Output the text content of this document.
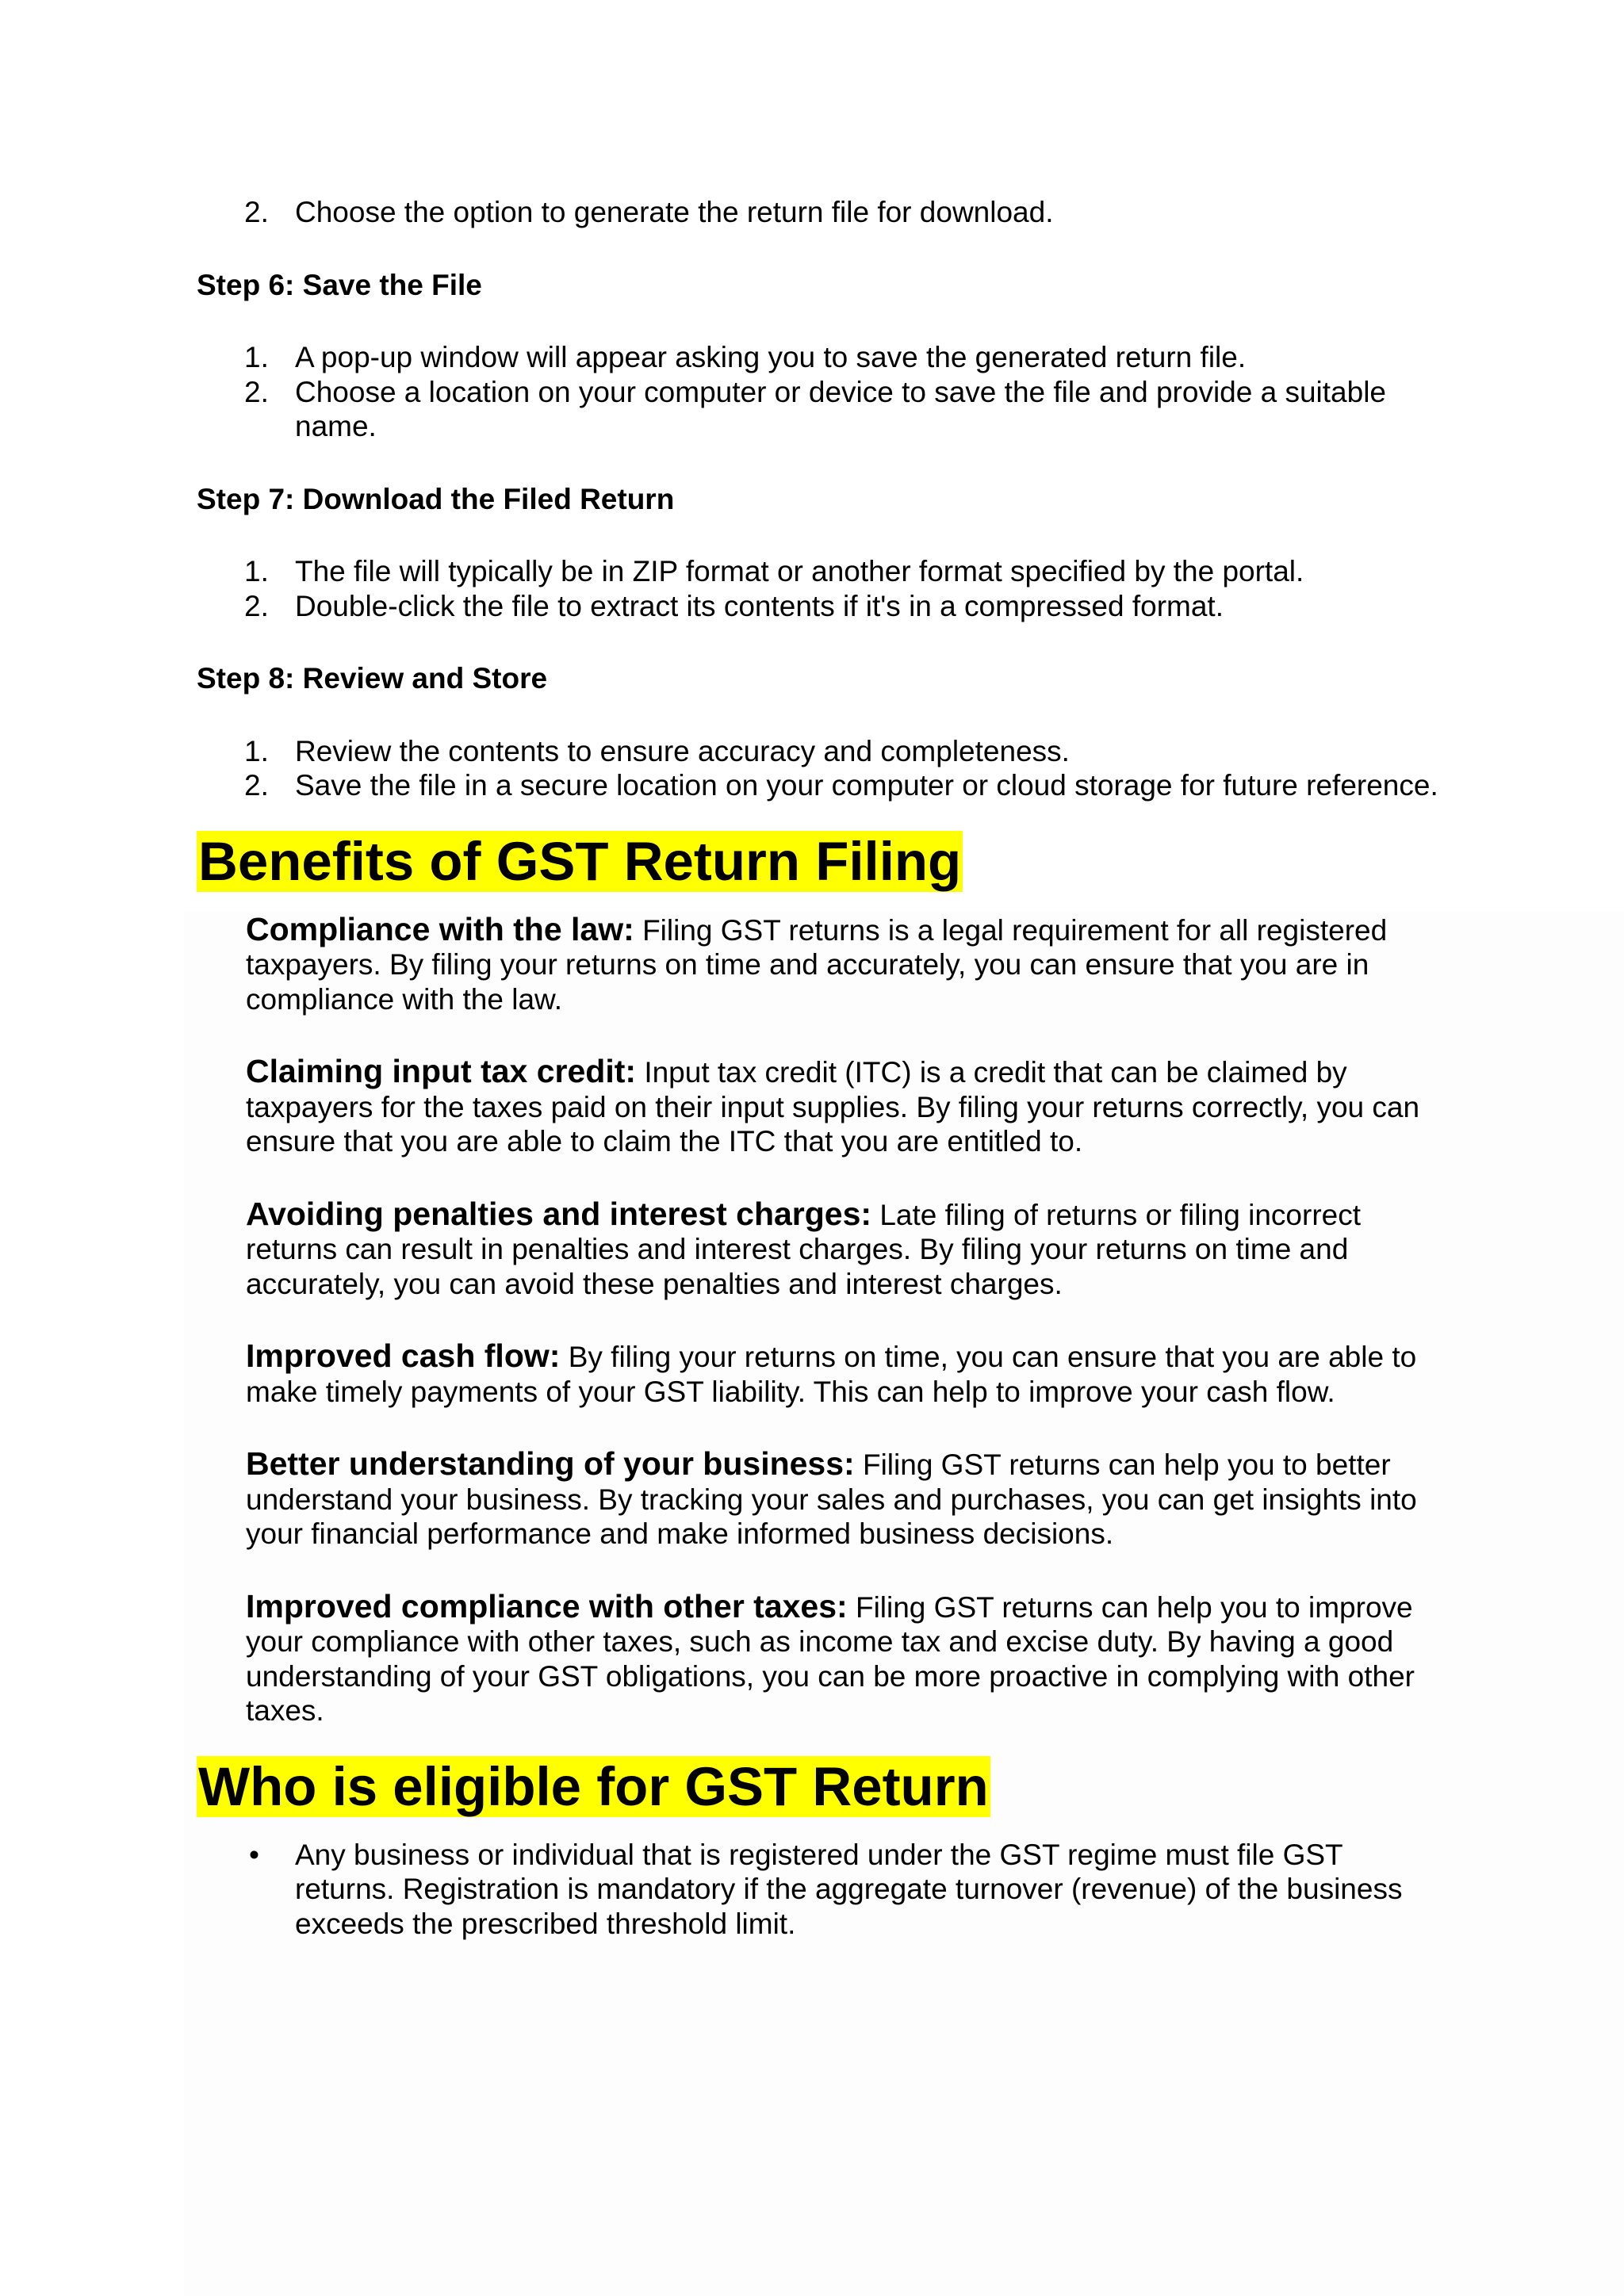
2. Choose the option to generate the return file for download.

Step 6: Save the File

1. A pop-up window will appear asking you to save the generated return file.
2. Choose a location on your computer or device to save the file and provide a suitable name.

Step 7: Download the Filed Return

1. The file will typically be in ZIP format or another format specified by the portal.
2. Double-click the file to extract its contents if it's in a compressed format.

Step 8: Review and Store

1. Review the contents to ensure accuracy and completeness.
2. Save the file in a secure location on your computer or cloud storage for future reference.
Benefits of GST Return Filing

Compliance with the law: Filing GST returns is a legal requirement for all registered taxpayers. By filing your returns on time and accurately, you can ensure that you are in compliance with the law.

Claiming input tax credit: Input tax credit (ITC) is a credit that can be claimed by taxpayers for the taxes paid on their input supplies. By filing your returns correctly, you can ensure that you are able to claim the ITC that you are entitled to.

Avoiding penalties and interest charges: Late filing of returns or filing incorrect returns can result in penalties and interest charges. By filing your returns on time and accurately, you can avoid these penalties and interest charges.

Improved cash flow: By filing your returns on time, you can ensure that you are able to make timely payments of your GST liability. This can help to improve your cash flow.

Better understanding of your business: Filing GST returns can help you to better understand your business. By tracking your sales and purchases, you can get insights into your financial performance and make informed business decisions.

Improved compliance with other taxes: Filing GST returns can help you to improve your compliance with other taxes, such as income tax and excise duty. By having a good understanding of your GST obligations, you can be more proactive in complying with other taxes.

Who is eligible for GST Return
• Any business or individual that is registered under the GST regime must file GST returns. Registration is mandatory if the aggregate turnover (revenue) of the business exceeds the prescribed threshold limit.
